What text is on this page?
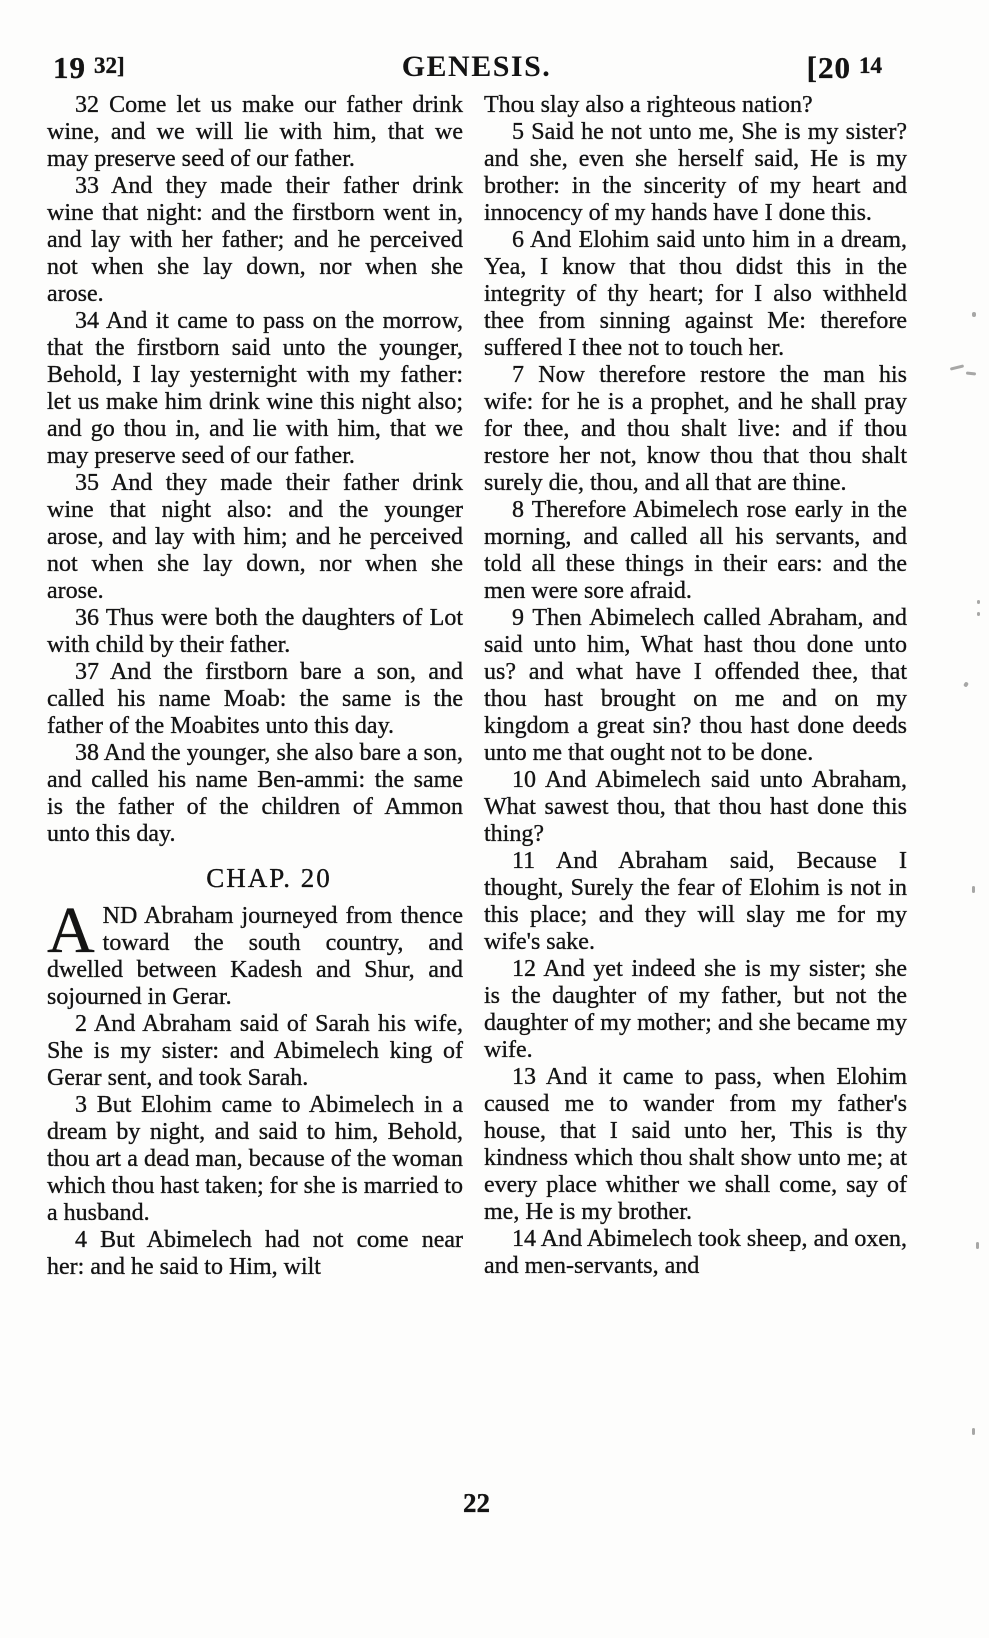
19 32]	GENESIS.	[20 14

32 Come let us make our father drink wine, and we will lie with him, that we may preserve seed of our father.

33 And they made their father drink wine that night: and the firstborn went in, and lay with her father; and he perceived not when she lay down, nor when she arose.

34 And it came to pass on the morrow, that the firstborn said unto the younger, Behold, I lay yesternight with my father: let us make him drink wine this night also; and go thou in, and lie with him, that we may preserve seed of our father.

35 And they made their father drink wine that night also: and the younger arose, and lay with him; and he perceived not when she lay down, nor when she arose.

36 Thus were both the daughters of Lot with child by their father.

37 And the firstborn bare a son, and called his name Moab: the same is the father of the Moabites unto this day.

38 And the younger, she also bare a son, and called his name Ben-ammi: the same is the father of the children of Ammon unto this day.

CHAP. 20

AND Abraham journeyed from thence toward the south country, and dwelled between Kadesh and Shur, and sojourned in Gerar.

2 And Abraham said of Sarah his wife, She is my sister: and Abimelech king of Gerar sent, and took Sarah.

3 But Elohim came to Abimelech in a dream by night, and said to him, Behold, thou art a dead man, because of the woman which thou hast taken; for she is married to a husband.

4 But Abimelech had not come near her: and he said to Him, wilt

Thou slay also a righteous nation?

5 Said he not unto me, She is my sister? and she, even she herself said, He is my brother: in the sincerity of my heart and innocency of my hands have I done this.

6 And Elohim said unto him in a dream, Yea, I know that thou didst this in the integrity of thy heart; for I also withheld thee from sinning against Me: therefore suffered I thee not to touch her.

7 Now therefore restore the man his wife: for he is a prophet, and he shall pray for thee, and thou shalt live: and if thou restore her not, know thou that thou shalt surely die, thou, and all that are thine.

8 Therefore Abimelech rose early in the morning, and called all his servants, and told all these things in their ears: and the men were sore afraid.

9 Then Abimelech called Abraham, and said unto him, What hast thou done unto us? and what have I offended thee, that thou hast brought on me and on my kingdom a great sin? thou hast done deeds unto me that ought not to be done.

10 And Abimelech said unto Abraham, What sawest thou, that thou hast done this thing?

11 And Abraham said, Because I thought, Surely the fear of Elohim is not in this place; and they will slay me for my wife's sake.

12 And yet indeed she is my sister; she is the daughter of my father, but not the daughter of my mother; and she became my wife.

13 And it came to pass, when Elohim caused me to wander from my father's house, that I said unto her, This is thy kindness which thou shalt show unto me; at every place whither we shall come, say of me, He is my brother.

14 And Abimelech took sheep, and oxen, and men-servants, and

22
